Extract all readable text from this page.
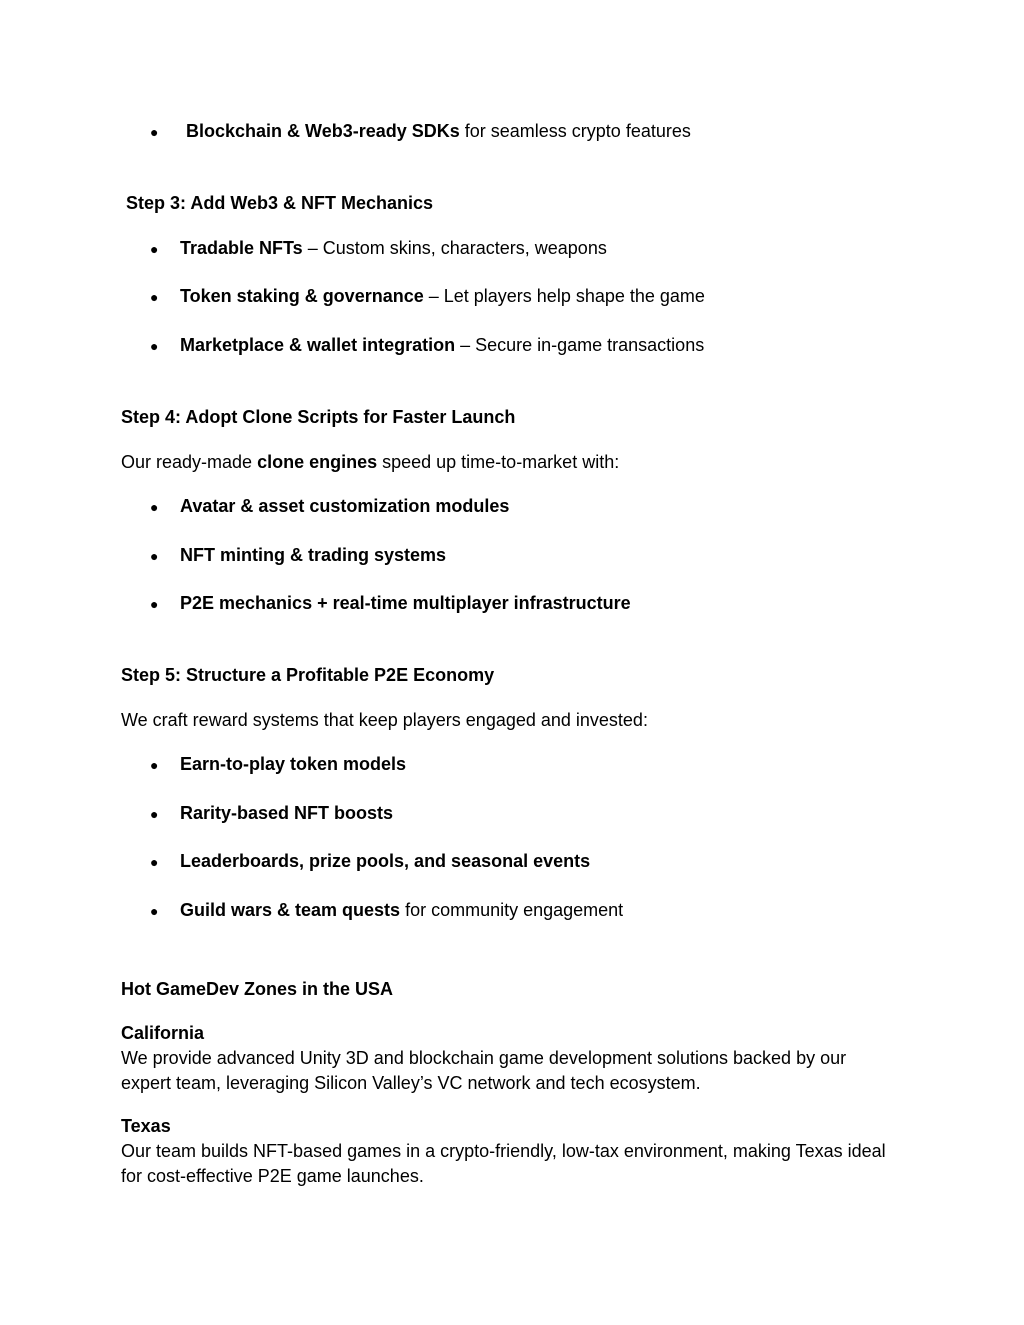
● Blockchain & Web3-ready SDKs for seamless crypto features
Step 3: Add Web3 & NFT Mechanics
● Tradable NFTs – Custom skins, characters, weapons
● Token staking & governance – Let players help shape the game
● Marketplace & wallet integration – Secure in-game transactions
Step 4: Adopt Clone Scripts for Faster Launch
Our ready-made clone engines speed up time-to-market with:
● Avatar & asset customization modules
● NFT minting & trading systems
● P2E mechanics + real-time multiplayer infrastructure
Step 5: Structure a Profitable P2E Economy
We craft reward systems that keep players engaged and invested:
● Earn-to-play token models
● Rarity-based NFT boosts
● Leaderboards, prize pools, and seasonal events
● Guild wars & team quests for community engagement
Hot GameDev Zones in the USA
California
We provide advanced Unity 3D and blockchain game development solutions backed by our expert team, leveraging Silicon Valley’s VC network and tech ecosystem.
Texas
Our team builds NFT-based games in a crypto-friendly, low-tax environment, making Texas ideal for cost-effective P2E game launches.
